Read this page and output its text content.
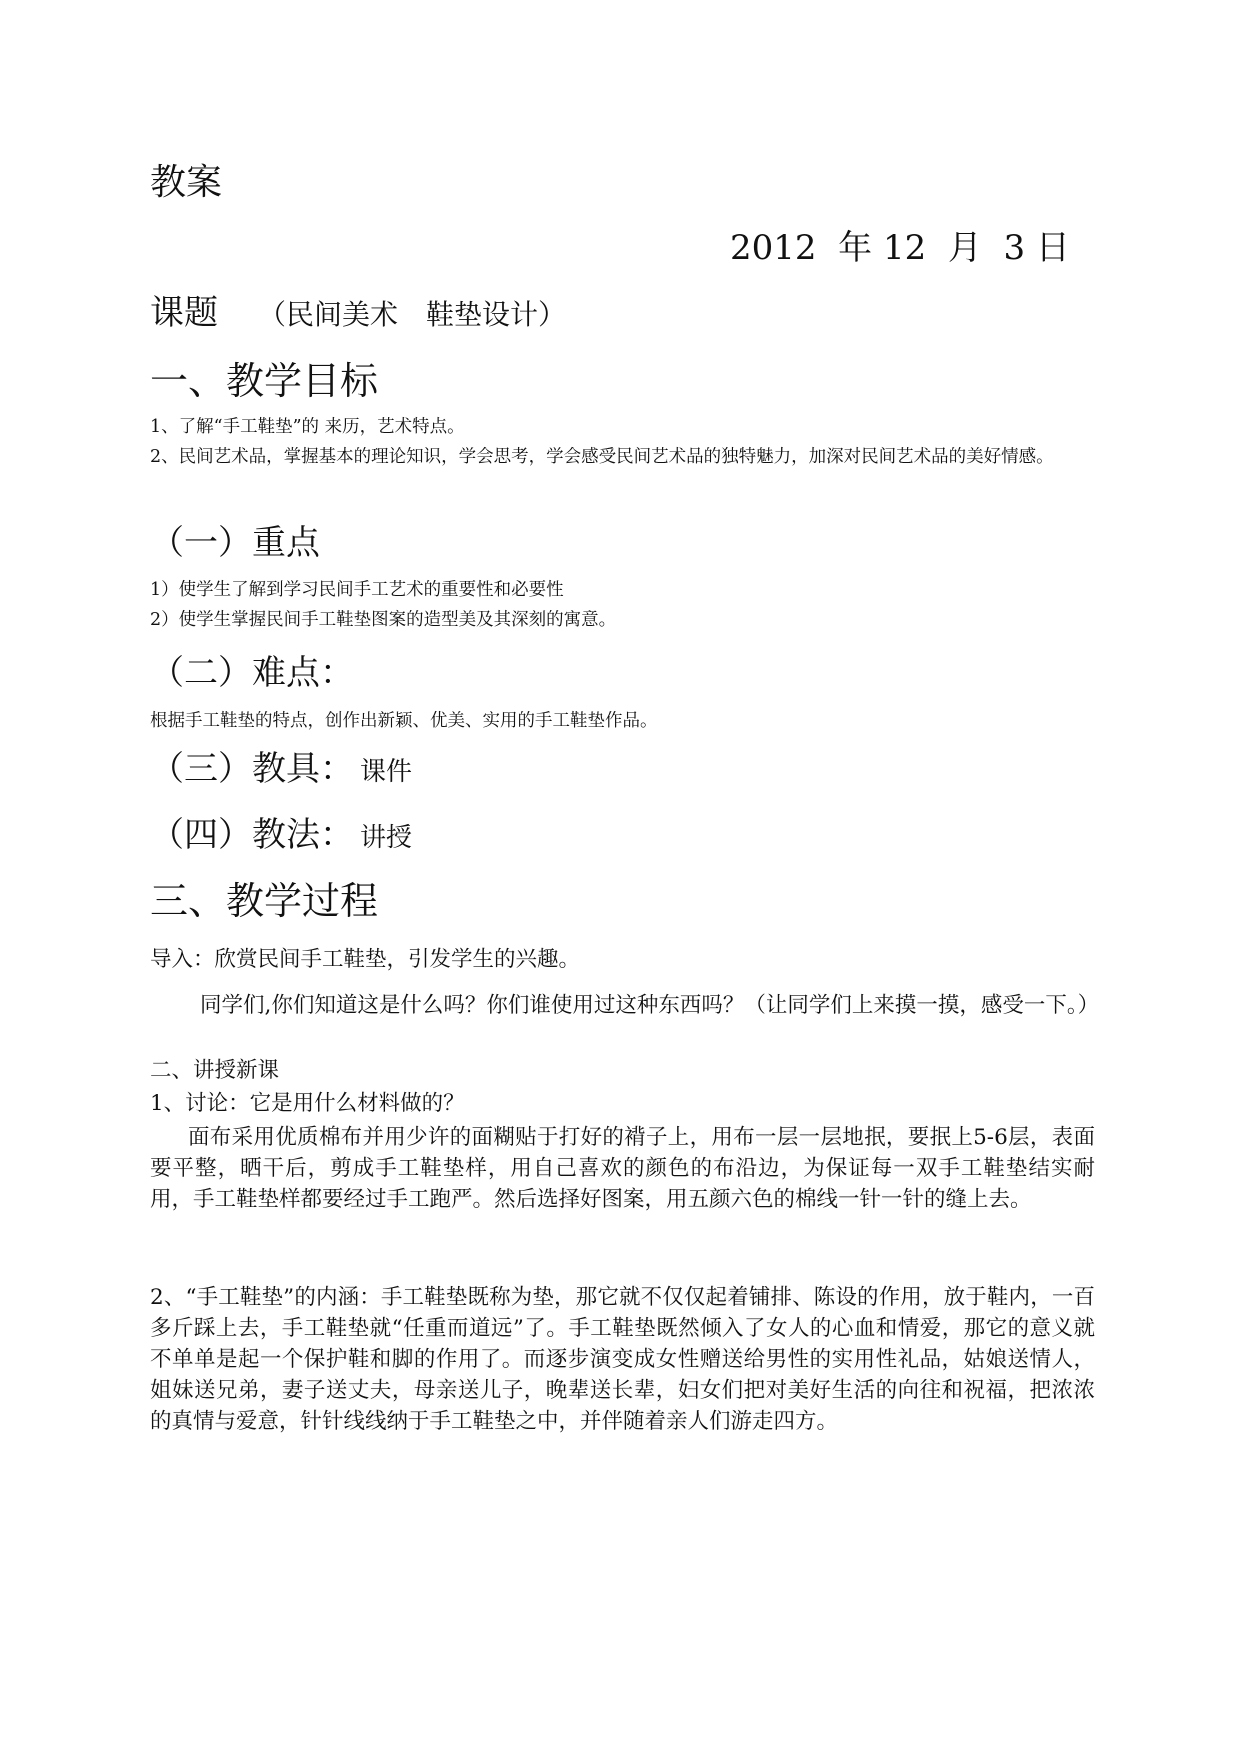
教案
2012  年 12  月  3 日
课题 （民间美术　鞋垫设计）
一、教学目标
1、了解“手工鞋垫”的 来历，艺术特点。
2、民间艺术品，掌握基本的理论知识，学会思考，学会感受民间艺术品的独特魅力，加深对民间艺术品的美好情感。
（一）重点
1）使学生了解到学习民间手工艺术的重要性和必要性
2）使学生掌握民间手工鞋垫图案的造型美及其深刻的寓意。
（二）难点：
根据手工鞋垫的特点，创作出新颖、优美、实用的手工鞋垫作品。
（三）教具： 课件
（四）教法： 讲授
三、教学过程
导入：欣赏民间手工鞋垫，引发学生的兴趣。
同学们,你们知道这是什么吗？你们谁使用过这种东西吗？（让同学们上来摸一摸，感受一下。）
二、讲授新课
1、讨论：它是用什么材料做的？
面布采用优质棉布并用少许的面糊贴于打好的褙子上，用布一层一层地抿，要抿上5-6层，表面要平整，晒干后，剪成手工鞋垫样，用自己喜欢的颜色的布沿边，为保证每一双手工鞋垫结实耐用，手工鞋垫样都要经过手工跑严。然后选择好图案，用五颜六色的棉线一针一针的缝上去。
2、“手工鞋垫”的内涵：手工鞋垫既称为垫，那它就不仅仅起着铺排、陈设的作用，放于鞋内，一百多斤踩上去，手工鞋垫就“任重而道远”了。手工鞋垫既然倾入了女人的心血和情爱，那它的意义就不单单是起一个保护鞋和脚的作用了。而逐步演变成女性赠送给男性的实用性礼品，姑娘送情人，姐妹送兄弟，妻子送丈夫，母亲送儿子，晚辈送长辈，妇女们把对美好生活的向往和祝福，把浓浓的真情与爱意，针针线线纳于手工鞋垫之中，并伴随着亲人们游走四方。
